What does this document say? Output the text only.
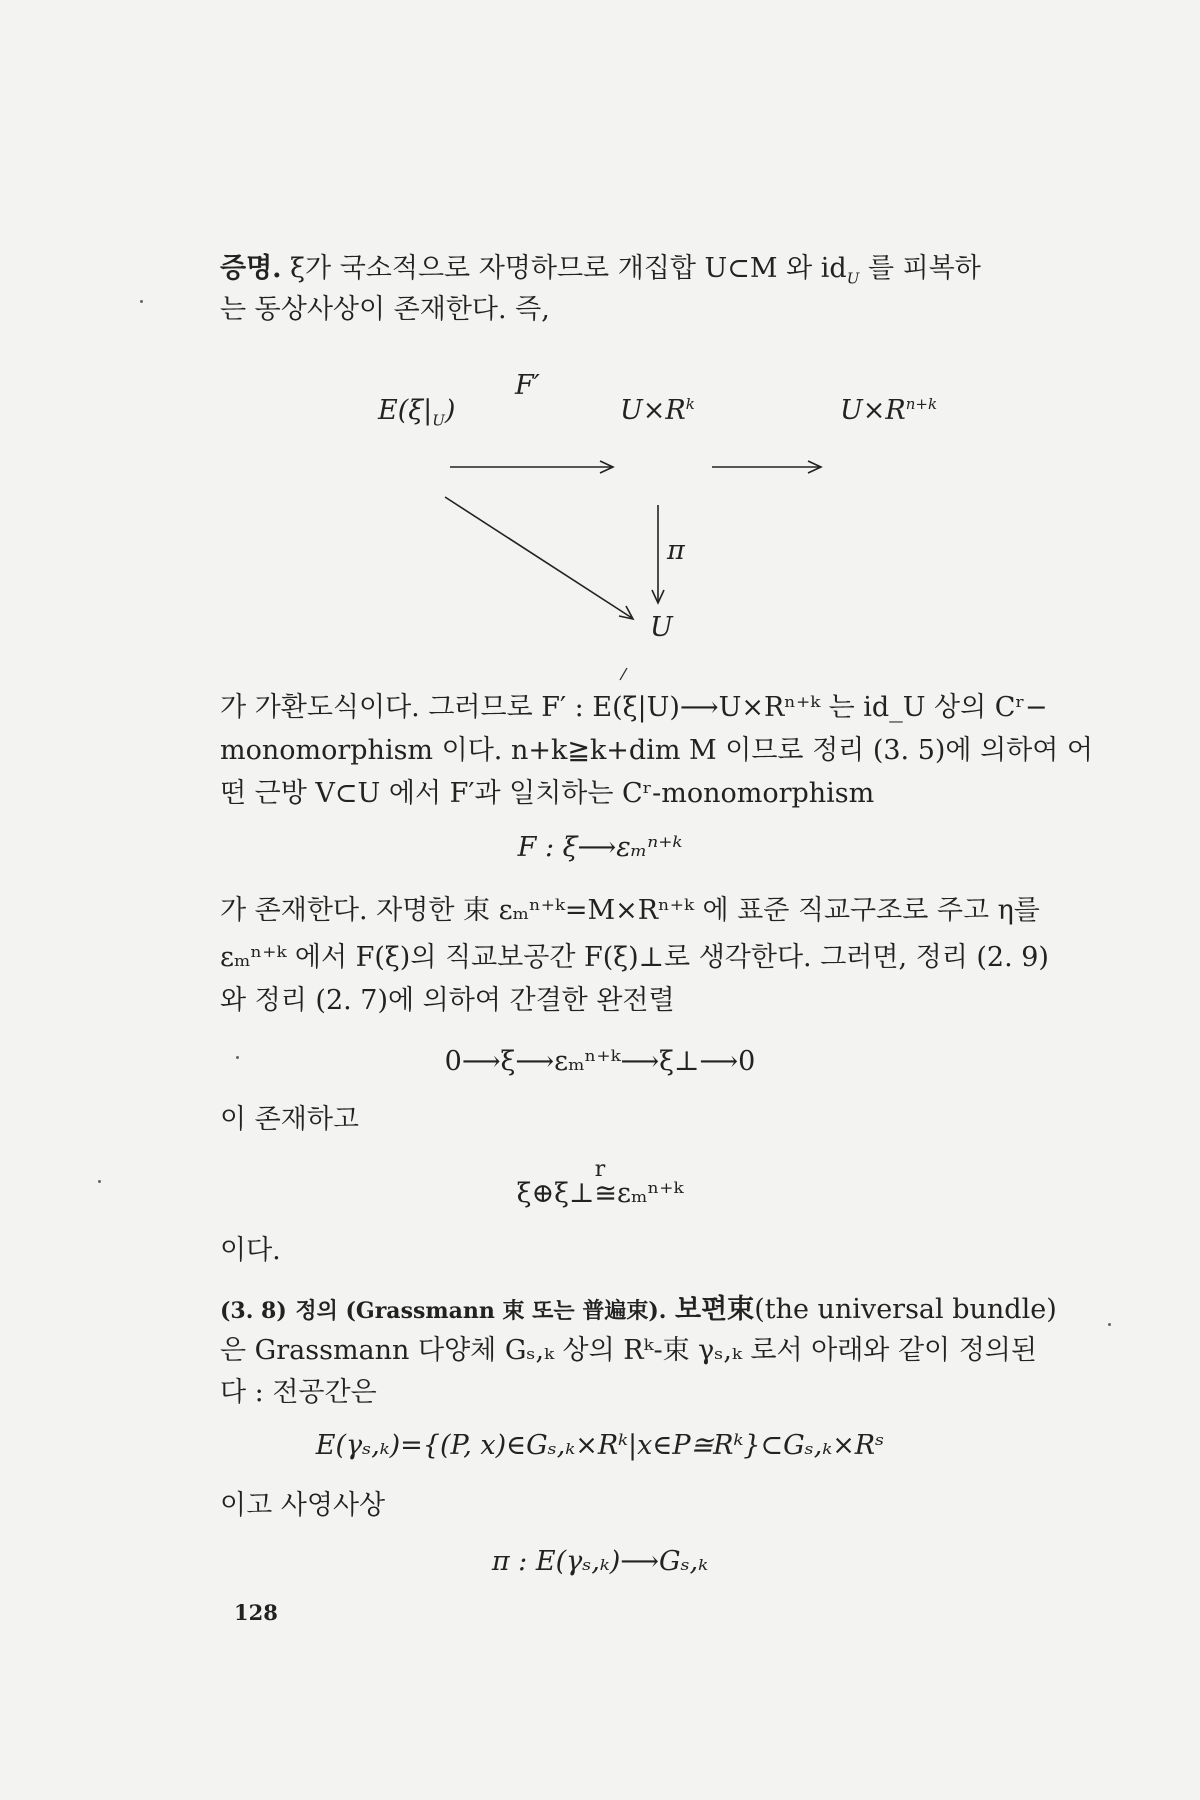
증명. ξ가 국소적으로 자명하므로 개집합 U⊂M 와 $id_U$ 를 피복하
는 동상사상이 존재한다. 즉,
F′
$E(\xi|_U)$	$U\times R^k$	$U\times R^{n+k}$
π
U
가 가환도식이다. 그러므로 F′ : E(ξ|U)⟶U×Rⁿ⁺ᵏ 는 id_U 상의 Cʳ−
monomorphism 이다. n+k≧k+dim M 이므로 정리 (3. 5)에 의하여 어
떤 근방 V⊂U 에서 F′과 일치하는 Cʳ-monomorphism
F : ξ⟶εₘⁿ⁺ᵏ
가 존재한다. 자명한 束 εₘⁿ⁺ᵏ=M×Rⁿ⁺ᵏ 에 표준 직교구조로 주고 η를
εₘⁿ⁺ᵏ 에서 F(ξ)의 직교보공간 F(ξ)⊥로 생각한다. 그러면, 정리 (2. 9)
와 정리 (2. 7)에 의하여 간결한 완전렬
0⟶ξ⟶εₘⁿ⁺ᵏ⟶ξ⊥⟶0
이 존재하고
r
ξ⊕ξ⊥≅εₘⁿ⁺ᵏ
이다.
(3. 8) 정의 (Grassmann 束 또는 普遍束). 보편束(the universal bundle)
은 Grassmann 다양체 Gₛ,ₖ 상의 Rᵏ-束 γₛ,ₖ 로서 아래와 같이 정의된
다 : 전공간은
E(γₛ,ₖ)={(P, x)∈Gₛ,ₖ×Rᵏ|x∈P≅Rᵏ}⊂Gₛ,ₖ×Rˢ
이고 사영사상
π : E(γₛ,ₖ)⟶Gₛ,ₖ
128
